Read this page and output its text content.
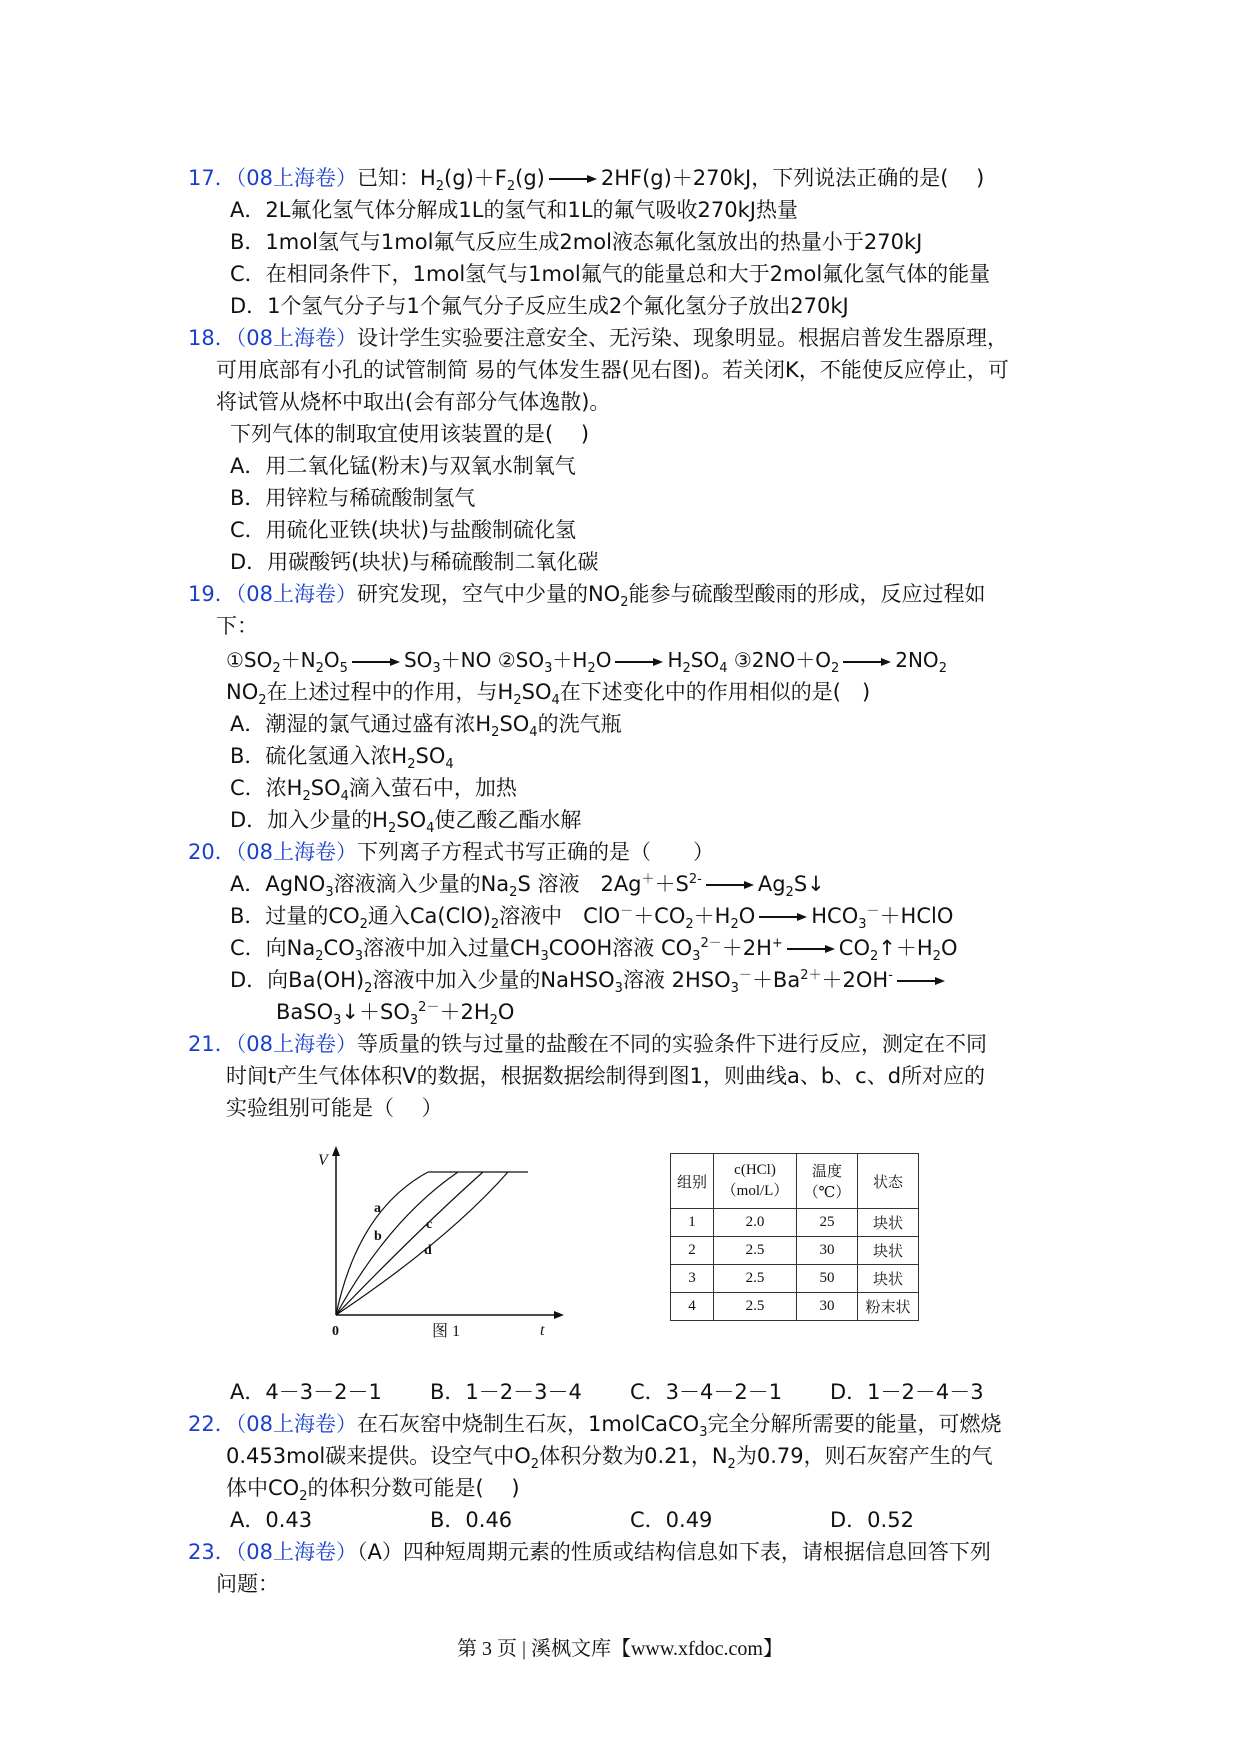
17．（08上海卷）已知：$H_2(g)+F_2(g) \to 2HF(g)+270kJ$，下列说法正确的是(　 )
A．2L氟化氢气体分解成1L的氢气和1L的氟气吸收270kJ热量
B．1mol氢气与1mol氟气反应生成2mol液态氟化氢放出的热量小于270kJ
C．在相同条件下，1mol氢气与1mol氟气的能量总和大于2mol氟化氢气体的能量
D．1个氢气分子与1个氟气分子反应生成2个氟化氢分子放出270kJ
18．（08上海卷）设计学生实验要注意安全、无污染、现象明显。根据启普发生器原理，
可用底部有小孔的试管制简 易的气体发生器(见右图)。若关闭K，不能使反应停止，可
将试管从烧杯中取出(会有部分气体逸散)。
下列气体的制取宜使用该装置的是(　 )
A．用二氧化锰(粉末)与双氧水制氧气
B．用锌粒与稀硫酸制氢气
C．用硫化亚铁(块状)与盐酸制硫化氢
D．用碳酸钙(块状)与稀硫酸制二氧化碳
19．（08上海卷）研究发现，空气中少量的$NO_2$能参与硫酸型酸雨的形成，反应过程如
下：
$①SO_2+N_2O_5 \to SO_3+NO$ $②SO_3+H_2O \to H_2SO_4$ $③2NO+O_2 \to 2NO_2$
$NO_2$在上述过程中的作用，与$H_2SO_4$在下述变化中的作用相似的是(　)
A．潮湿的氯气通过盛有浓$H_2SO_4$的洗气瓶
B．硫化氢通入浓$H_2SO_4$
C．浓$H_2SO_4$滴入萤石中，加热
D．加入少量的$H_2SO_4$使乙酸乙酯水解
20．（08上海卷）下列离子方程式书写正确的是（　　）
A．AgNO$_3$溶液滴入少量的$Na_2S$ 溶液　$2Ag^++S^{2-}$ → $Ag_2S↓$
B．过量的$CO_2$通入$Ca(ClO)_2$溶液中　$ClO^-+CO_2+H_2O$ → $HCO_3^-+HClO$
C．向$Na_2CO_3$溶液中加入过量$CH_3COOH$溶液 $CO_3^{2-}+2H^+$ → $CO_2↑+H_2O$
D．向$Ba(OH)_2$溶液中加入少量的NaHSO$_3$溶液 $2HSO_3^-+Ba^{2+}+2OH^-$ →
$BaSO_3↓+SO_3^{2-}+2H_2O$
21．（08上海卷）等质量的铁与过量的盐酸在不同的实验条件下进行反应，测定在不同
时间t产生气体体积V的数据，根据数据绘制得到图1，则曲线a、b、c、d所对应的
实验组别可能是（　 ）
V
t
0
a
b
c
d
图 1
组别	c(HCl)（mol/L）	温度（℃）	状态
1	2.0	25	块状
2	2.5	30	块状
3	2.5	50	块状
4	2.5	30	粉末状
A．4－3－2－1 B．1－2－3－4 C．3－4－2－1 D．1－2－4－3
22．（08上海卷）在石灰窑中烧制生石灰，1molCaCO$_3$完全分解所需要的能量，可燃烧
0.453mol碳来提供。设空气中$O_2$体积分数为0.21，$N_2$为0.79，则石灰窑产生的气
体中$CO_2$的体积分数可能是(　 )
A．0.43	B．0.46	C．0.49	D．0.52
23．（08上海卷）（A）四种短周期元素的性质或结构信息如下表，请根据信息回答下列
问题：
第 3 页 | 溪枫文库【www.xfdoc.com】
